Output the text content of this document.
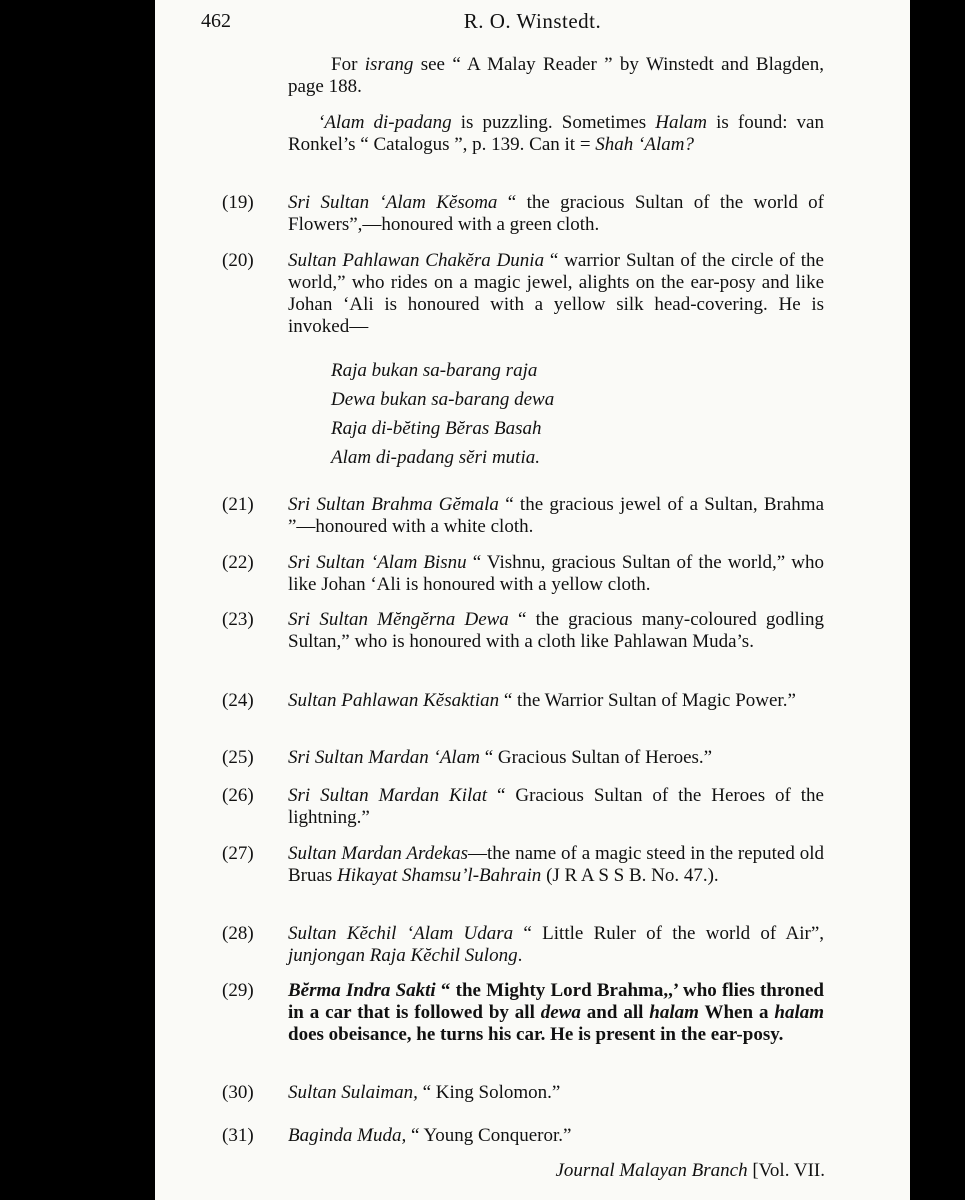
462	R. O. Winstedt.

For israng see “ A Malay Reader ” by Winstedt and Blagden, page 188.

‘Alam di-padang is puzzling. Sometimes Halam is found: van Ronkel’s “ Catalogus ”, p. 139. Can it = Shah ‘Alam?

(19)	Sri Sultan ‘Alam Kĕsoma “ the gracious Sultan of the world of Flowers”,—honoured with a green cloth.

(20)	Sultan Pahlawan Chakĕra Dunia “ warrior Sultan of the circle of the world,” who rides on a magic jewel, alights on the ear-posy and like Johan ‘Ali is honoured with a yellow silk head-covering. He is invoked—

Raja bukan sa-barang raja
Dewa bukan sa-barang dewa
Raja di-bĕting Bĕras Basah
Alam di-padang sĕri mutia.
(21)	Sri Sultan Brahma Gĕmala “ the gracious jewel of a Sultan, Brahma ”—honoured with a white cloth.

(22)	Sri Sultan ‘Alam Bisnu “ Vishnu, gracious Sultan of the world,” who like Johan ‘Ali is honoured with a yellow cloth.

(23)	Sri Sultan Mĕngĕrna Dewa “ the gracious many-coloured godling Sultan,” who is honoured with a cloth like Pahlawan Muda’s.

(24)	Sultan Pahlawan Kĕsaktian “ the Warrior Sultan of Magic Power.”

(25)	Sri Sultan Mardan ‘Alam “ Gracious Sultan of Heroes.”

(26)	Sri Sultan Mardan Kilat “ Gracious Sultan of the Heroes of the lightning.”

(27)	Sultan Mardan Ardekas—the name of a magic steed in the reputed old Bruas Hikayat Shamsu’l-Bahrain (J R A S S B. No. 47.).

(28)	Sultan Kĕchil ‘Alam Udara “ Little Ruler of the world of Air”, junjongan Raja Kĕchil Sulong.

(29)	Bĕrma Indra Sakti “ the Mighty Lord Brahma,,’ who flies throned in a car that is followed by all dewa and all halam When a halam does obeisance, he turns his car. He is present in the ear-posy.

(30)	Sultan Sulaiman, “ King Solomon.”

(31)	Baginda Muda, “ Young Conqueror.”

Journal Malayan Branch [Vol. VII.
